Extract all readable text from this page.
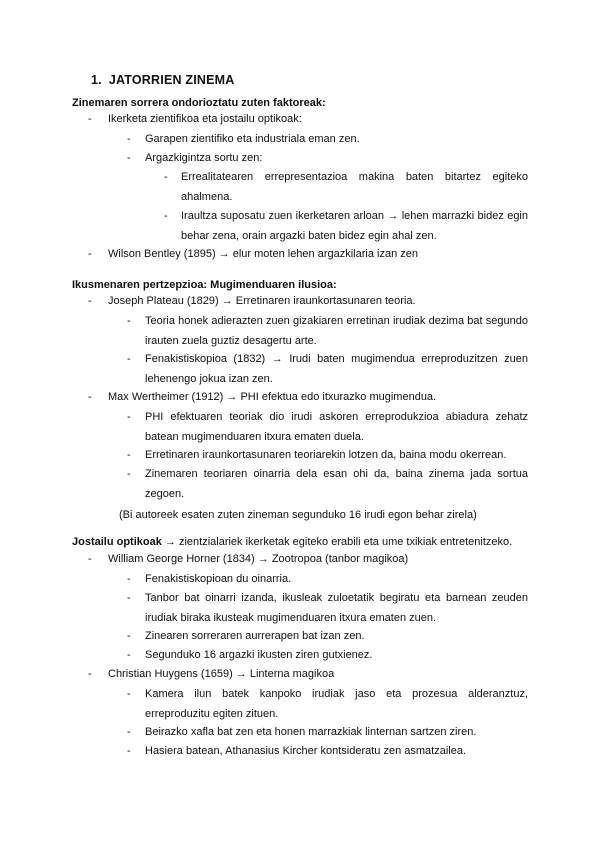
1. JATORRIEN ZINEMA
Zinemaren sorrera ondorioztatu zuten faktoreak:
- Ikerketa zientifikoa eta jostailu optikoak:
- Garapen zientifiko eta industriala eman zen.
- Argazkigintza sortu zen:
- Errealitatearen errepresentazioa makina baten bitartez egiteko ahalmena.
- Iraultza suposatu zuen ikerketaren arloan → lehen marrazki bidez egin behar zena, orain argazki baten bidez egin ahal zen.
- Wilson Bentley (1895) → elur moten lehen argazkilaria izan zen
Ikusmenaren pertzepzioa: Mugimenduaren ilusioa:
- Joseph Plateau (1829) → Erretinaren iraunkortasunaren teoria.
- Teoria honek adierazten zuen gizakiaren erretinan irudiak dezima bat segundo irauten zuela guztiz desagertu arte.
- Fenakistiskopioa (1832) → Irudi baten mugimendua erreproduzitzen zuen lehenengo jokua izan zen.
- Max Wertheimer (1912) → PHI efektua edo itxurazko mugimendua.
- PHI efektuaren teoriak dio irudi askoren erreprodukzioa abiadura zehatz batean mugimenduaren itxura ematen duela.
- Erretinaren iraunkortasunaren teoriarekin lotzen da, baina modu okerrean.
- Zinemaren teoriaren oinarria dela esan ohi da, baina zinema jada sortua zegoen.
(Bi autoreek esaten zuten zineman segunduko 16 irudi egon behar zirela)
Jostailu optikoak → zientzialariek ikerketak egiteko erabili eta ume txikiak entretenitzeko.
- William George Horner (1834) → Zootropoa (tanbor magikoa)
- Fenakistiskopioan du oinarria.
- Tanbor bat oinarri izanda, ikusleak zuloetatik begiratu eta barnean zeuden irudiak biraka ikusteak mugimenduaren itxura ematen zuen.
- Zinearen sorreraren aurrerapen bat izan zen.
- Segunduko 16 argazki ikusten ziren gutxienez.
- Christian Huygens (1659) → Linterna magikoa
- Kamera ilun batek kanpoko irudiak jaso eta prozesua alderanztuz, erreproduzitu egiten zituen.
- Beirazko xafla bat zen eta honen marrazkiak linternan sartzen ziren.
- Hasiera batean, Athanasius Kircher kontsideratu zen asmatzailea.
